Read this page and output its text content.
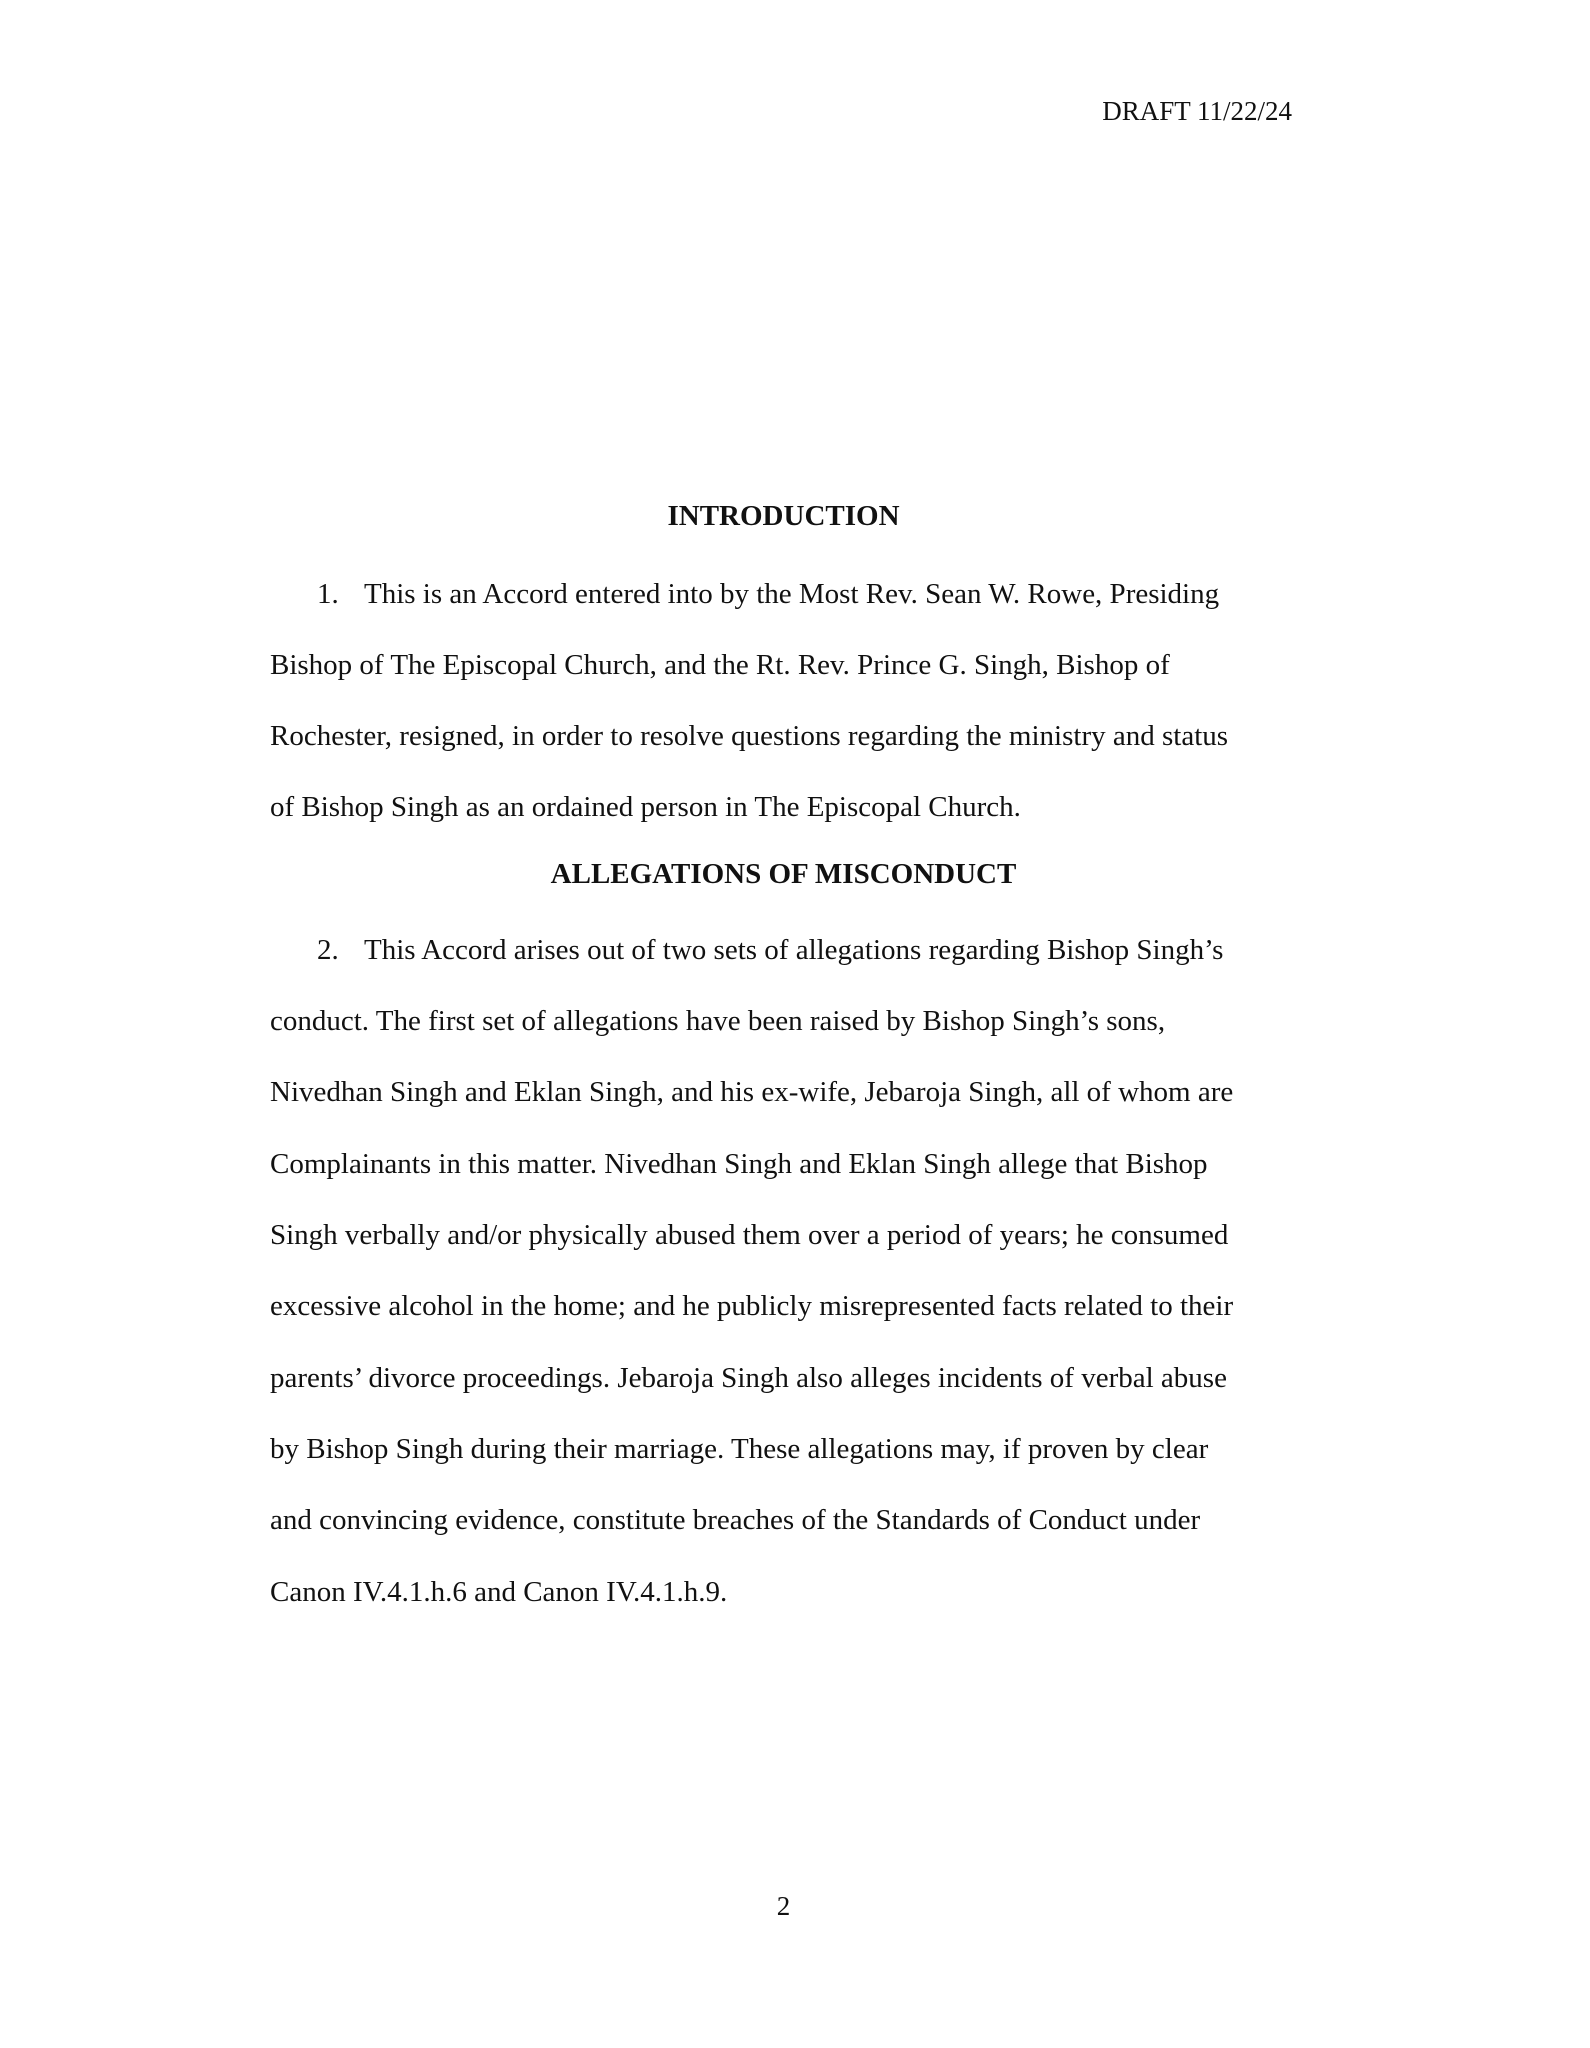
DRAFT 11/22/24
INTRODUCTION
1. This is an Accord entered into by the Most Rev. Sean W. Rowe, Presiding
Bishop of The Episcopal Church, and the Rt. Rev. Prince G. Singh, Bishop of
Rochester, resigned, in order to resolve questions regarding the ministry and status
of Bishop Singh as an ordained person in The Episcopal Church.
ALLEGATIONS OF MISCONDUCT
2. This Accord arises out of two sets of allegations regarding Bishop Singh’s
conduct. The first set of allegations have been raised by Bishop Singh’s sons,
Nivedhan Singh and Eklan Singh, and his ex-wife, Jebaroja Singh, all of whom are
Complainants in this matter. Nivedhan Singh and Eklan Singh allege that Bishop
Singh verbally and/or physically abused them over a period of years; he consumed
excessive alcohol in the home; and he publicly misrepresented facts related to their
parents’ divorce proceedings. Jebaroja Singh also alleges incidents of verbal abuse
by Bishop Singh during their marriage. These allegations may, if proven by clear
and convincing evidence, constitute breaches of the Standards of Conduct under
Canon IV.4.1.h.6 and Canon IV.4.1.h.9.
2
